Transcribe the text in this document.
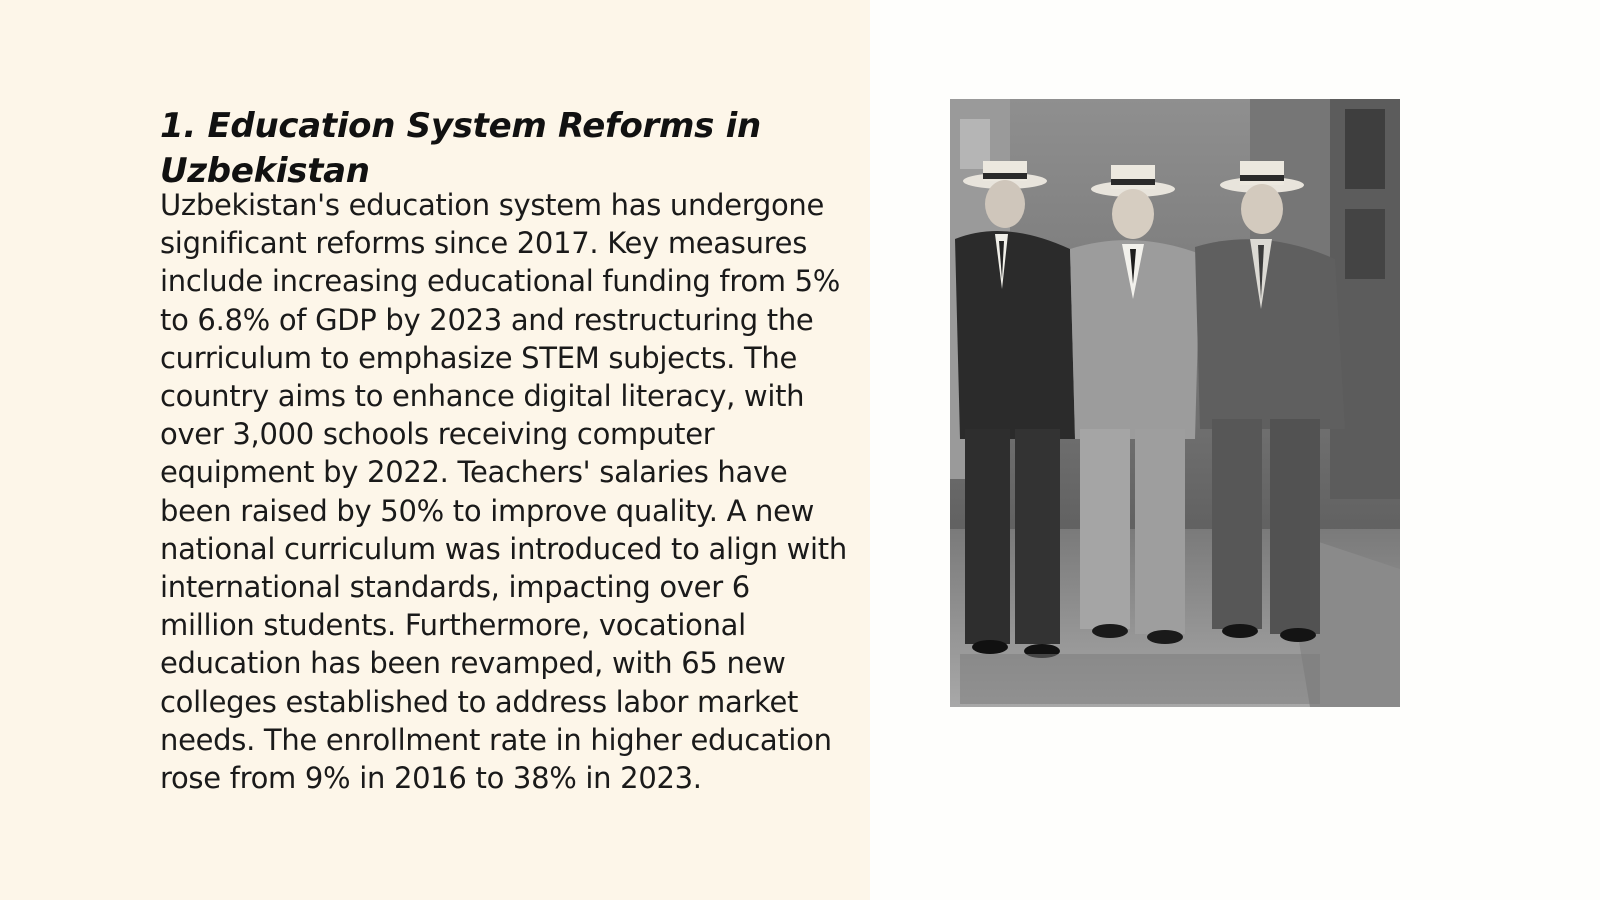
1. Education System Reforms in Uzbekistan

Uzbekistan's education system has undergone significant reforms since 2017. Key measures include increasing educational funding from 5% to 6.8% of GDP by 2023 and restructuring the curriculum to emphasize STEM subjects. The country aims to enhance digital literacy, with over 3,000 schools receiving computer equipment by 2022. Teachers' salaries have been raised by 50% to improve quality. A new national curriculum was introduced to align with international standards, impacting over 6 million students. Furthermore, vocational education has been revamped, with 65 new colleges established to address labor market needs. The enrollment rate in higher education rose from 9% in 2016 to 38% in 2023.
